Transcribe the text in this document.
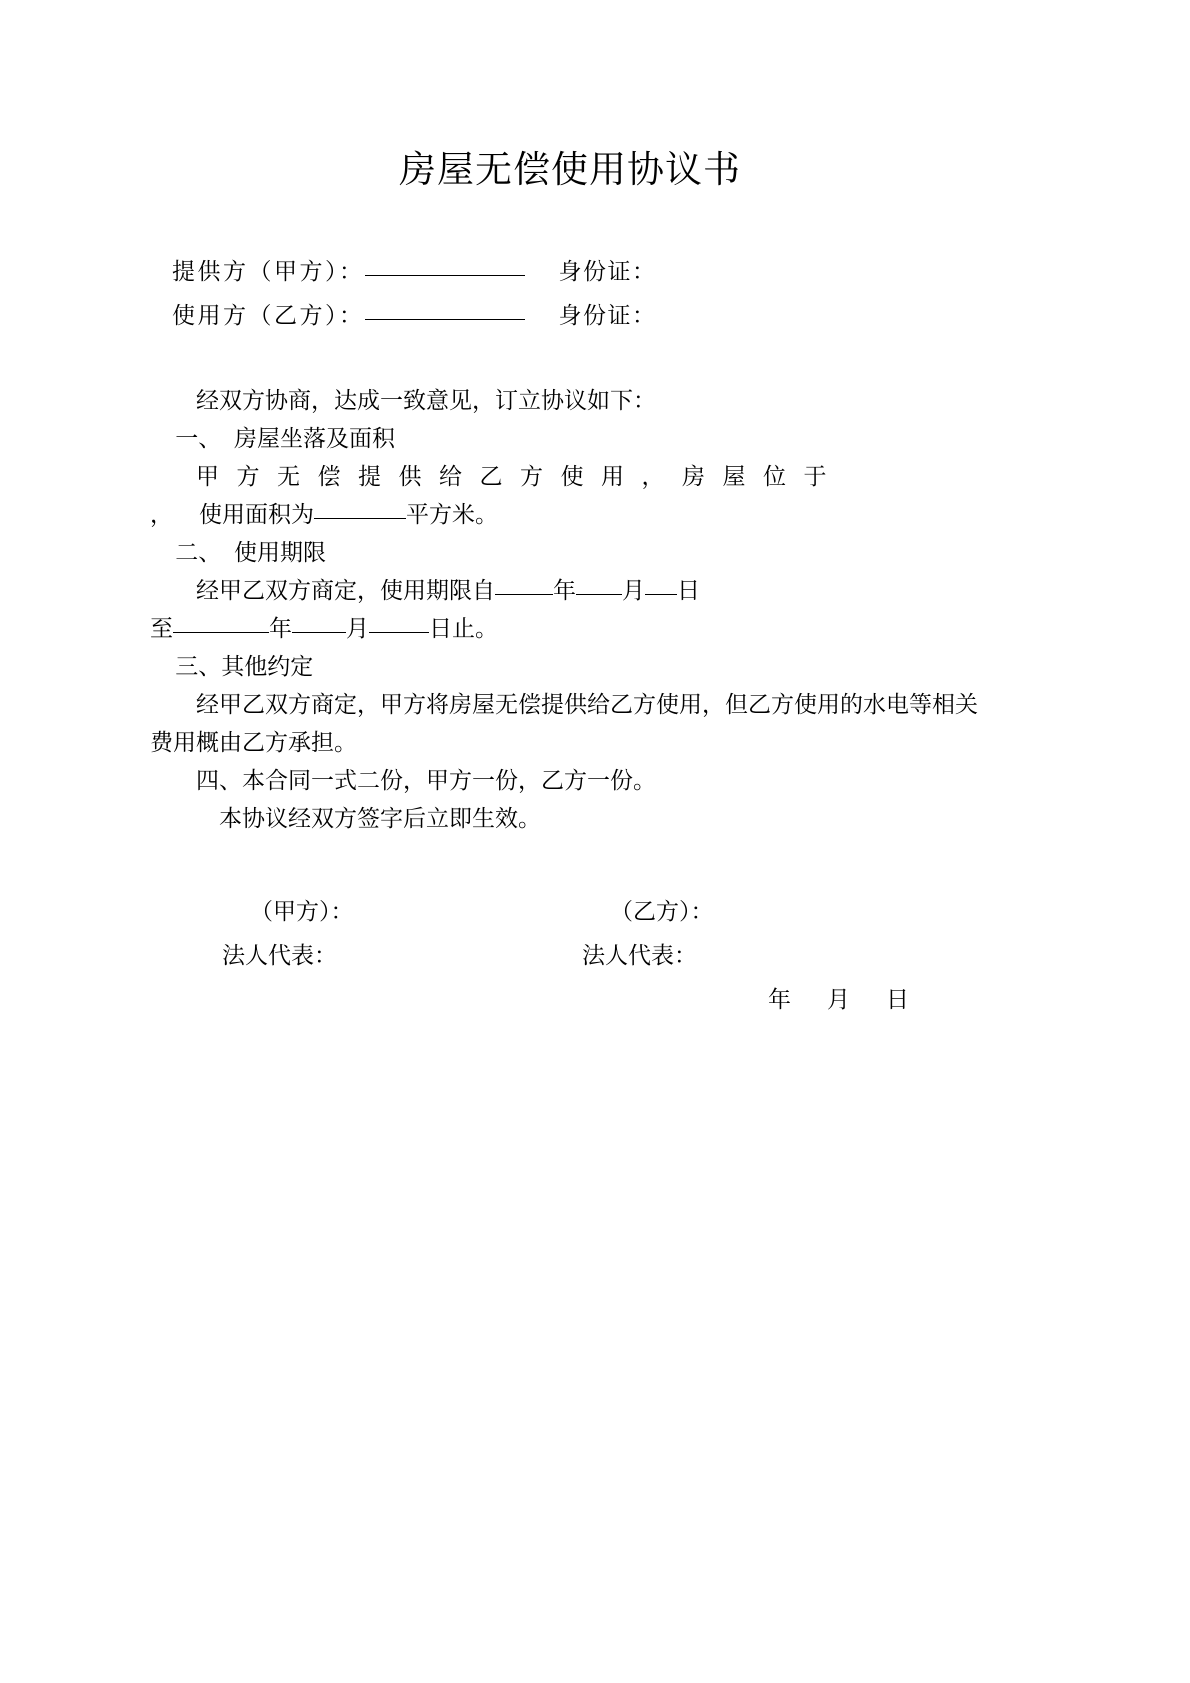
房屋无偿使用协议书
提供方（甲方）：	身份证：
使用方（乙方）：	身份证：

经双方协商，达成一致意见，订立协议如下：

一、 房屋坐落及面积

甲方无偿提供给乙方使用，房屋位于

，使用面积为	平方米。

二、 使用期限

经甲乙双方商定，使用期限自	年 月 日

至	年 月	日止。

三、其他约定

经甲乙双方商定，甲方将房屋无偿提供给乙方使用，但乙方使用的水电等相关费用概由乙方承担。

四、本合同一式二份，甲方一份，乙方一份。

本协议经双方签字后立即生效。

（甲方）：	（乙方）：
法人代表：	法人代表：
年 月 日
